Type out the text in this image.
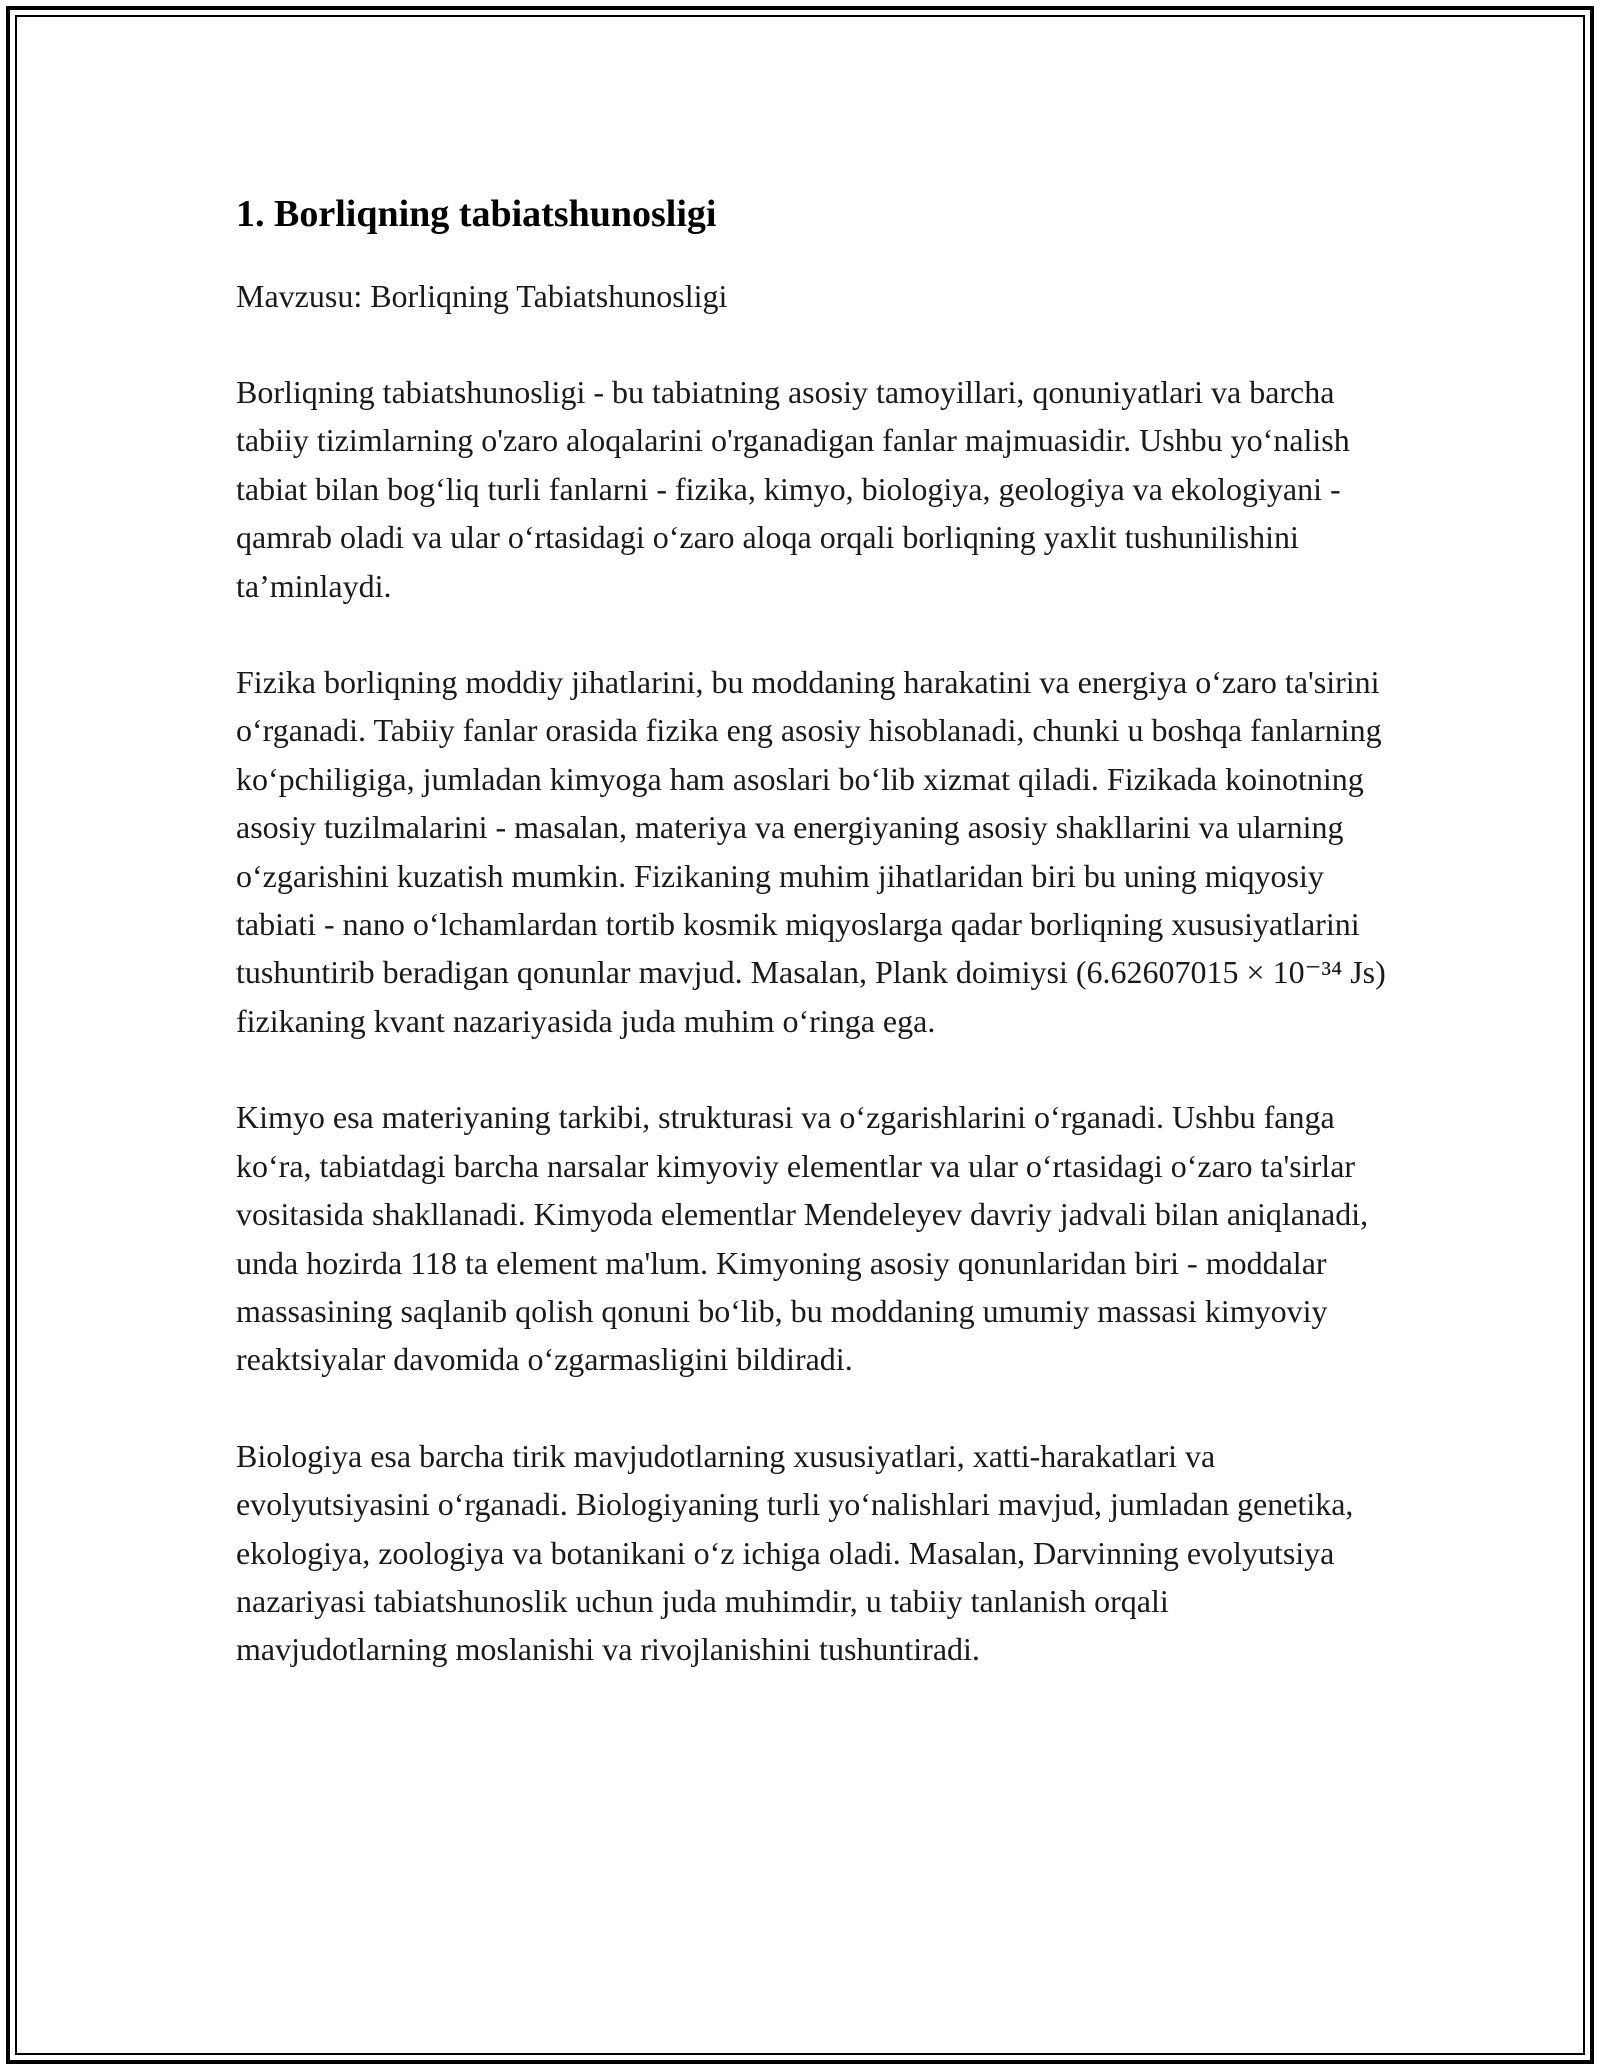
1. Borliqning tabiatshunosligi

Mavzusu: Borliqning Tabiatshunosligi

Borliqning tabiatshunosligi - bu tabiatning asosiy tamoyillari, qonuniyatlari va barcha tabiiy tizimlarning o'zaro aloqalarini o'rganadigan fanlar majmuasidir. Ushbu yo‘nalish tabiat bilan bog‘liq turli fanlarni - fizika, kimyo, biologiya, geologiya va ekologiyani - qamrab oladi va ular o‘rtasidagi o‘zaro aloqa orqali borliqning yaxlit tushunilishini ta’minlaydi.

Fizika borliqning moddiy jihatlarini, bu moddaning harakatini va energiya o‘zaro ta'sirini o‘rganadi. Tabiiy fanlar orasida fizika eng asosiy hisoblanadi, chunki u boshqa fanlarning ko‘pchiligiga, jumladan kimyoga ham asoslari bo‘lib xizmat qiladi. Fizikada koinotning asosiy tuzilmalarini - masalan, materiya va energiyaning asosiy shakllarini va ularning o‘zgarishini kuzatish mumkin. Fizikaning muhim jihatlaridan biri bu uning miqyosiy tabiati - nano o‘lchamlardan tortib kosmik miqyoslarga qadar borliqning xususiyatlarini tushuntirib beradigan qonunlar mavjud. Masalan, Plank doimiysi (6.62607015 × 10⁻³⁴ Js) fizikaning kvant nazariyasida juda muhim o‘ringa ega.

Kimyo esa materiyaning tarkibi, strukturasi va o‘zgarishlarini o‘rganadi. Ushbu fanga ko‘ra, tabiatdagi barcha narsalar kimyoviy elementlar va ular o‘rtasidagi o‘zaro ta'sirlar vositasida shakllanadi. Kimyoda elementlar Mendeleyev davriy jadvali bilan aniqlanadi, unda hozirda 118 ta element ma'lum. Kimyoning asosiy qonunlaridan biri - moddalar massasining saqlanib qolish qonuni bo‘lib, bu moddaning umumiy massasi kimyoviy reaktsiyalar davomida o‘zgarmasligini bildiradi.

Biologiya esa barcha tirik mavjudotlarning xususiyatlari, xatti-harakatlari va evolyutsiyasini o‘rganadi. Biologiyaning turli yo‘nalishlari mavjud, jumladan genetika, ekologiya, zoologiya va botanikani o‘z ichiga oladi. Masalan, Darvinning evolyutsiya nazariyasi tabiatshunoslik uchun juda muhimdir, u tabiiy tanlanish orqali mavjudotlarning moslanishi va rivojlanishini tushuntiradi.
